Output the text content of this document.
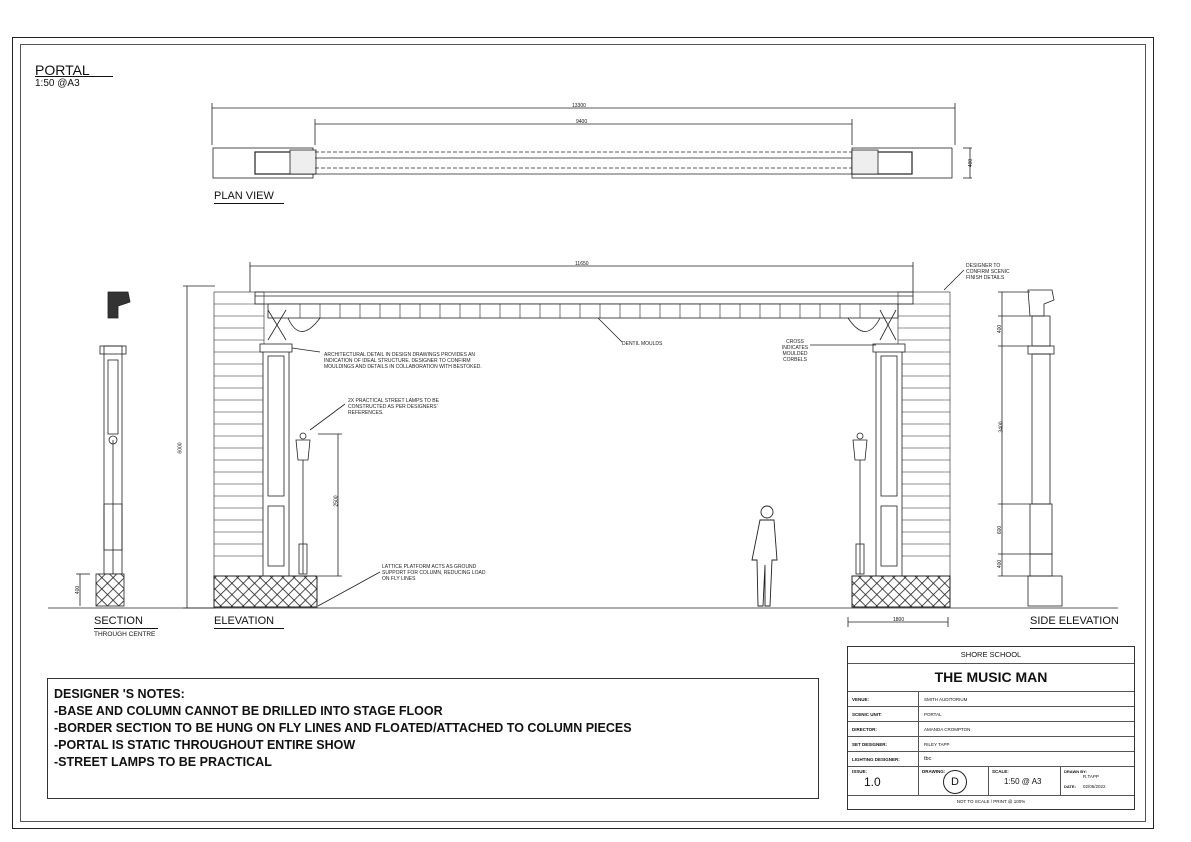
PORTAL
1:50 @A3
13300
9400
400
11650
6000
2500
1800
400
400
3400
600
400
PLAN VIEW
SECTION
THROUGH CENTRE
ELEVATION	SIDE ELEVATION
DESIGNER TO CONFIRM SCENIC FINISH DETAILS
DENTIL MOULDS	CROSS INDICATES MOULDED CORBELS
ARCHITECTURAL DETAIL IN DESIGN DRAWINGS PROVIDES AN INDICATION OF IDEAL STRUCTURE. DESIGNER TO CONFIRM MOULDINGS AND DETAILS IN COLLABORATION WITH BESTOKED.
2X PRACTICAL STREET LAMPS TO BE CONSTRUCTED AS PER DESIGNERS' REFERENCES.
LATTICE PLATFORM ACTS AS GROUND SUPPORT FOR COLUMN, REDUCING LOAD ON FLY LINES
DESIGNER 'S NOTES:
-BASE AND COLUMN CANNOT BE DRILLED INTO STAGE FLOOR
-BORDER SECTION TO BE HUNG ON FLY LINES AND FLOATED/ATTACHED TO COLUMN PIECES
-PORTAL IS STATIC THROUGHOUT ENTIRE SHOW
-STREET LAMPS TO BE PRACTICAL
SHORE SCHOOL
THE MUSIC MAN
VENUE:	SMITH AUDITORIUM
SCENIC UNIT:	PORTAL
DIRECTOR:	AMANDA CROMPTON
SET DESIGNER:	RILEY TAPP
LIGHTING DESIGNER:	tbc
ISSUE:
1.0
DRAWING:
D
SCALE:
1:50 @ A3
DRAWN BY:
R.TAPP
DATE: 02/05/2022
NOT TO SCALE / PRINT @ 100%
